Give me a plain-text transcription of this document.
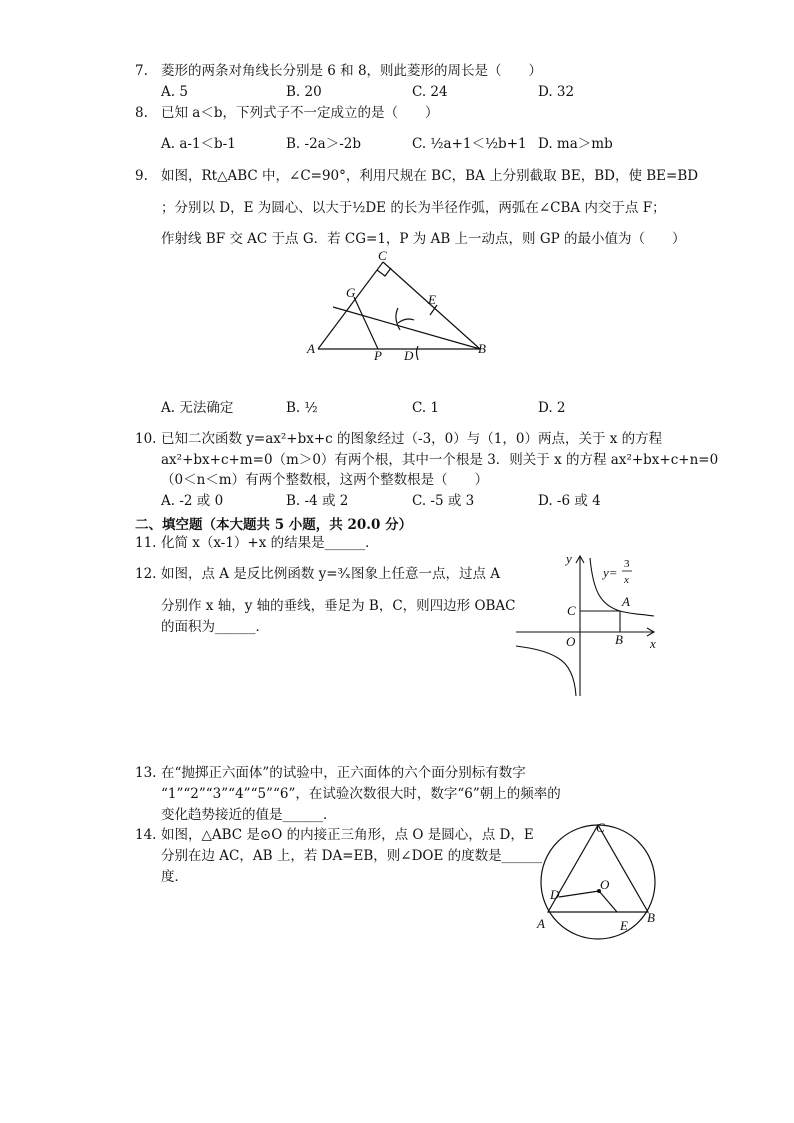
7. 菱形的两条对角线长分别是 6 和 8，则此菱形的周长是（　　）
A. 5	B. 20	C. 24	D. 32
8. 已知 a＜b，下列式子不一定成立的是（　　）
A. a-1＜b-1	B. -2a＞-2b	C. ½a+1＜½b+1 D. ma＞mb
9. 如图，Rt△ABC 中，∠C=90°，利用尺规在 BC，BA 上分别截取 BE，BD，使 BE=BD
；分别以 D，E 为圆心、以大于½DE 的长为半径作弧，两弧在∠CBA 内交于点 F；
作射线 BF 交 AC 于点 G．若 CG=1，P 为 AB 上一动点，则 GP 的最小值为（　　）
C
G	E
A	P D	B
A. 无法确定	B. ½	C. 1	D. 2
10. 已知二次函数 y=ax²+bx+c 的图象经过（-3，0）与（1，0）两点，关于 x 的方程
ax²+bx+c+m=0（m＞0）有两个根，其中一个根是 3．则关于 x 的方程 ax²+bx+c+n=0
（0＜n＜m）有两个整数根，这两个整数根是（　　）
A. -2 或 0	B. -4 或 2	C. -5 或 3	D. -6 或 4
二、填空题（本大题共 5 小题，共 20.0 分）
11. 化简 x（x-1）+x 的结果是______．
12. 如图，点 A 是反比例函数 y=³⁄ₓ图象上任意一点，过点 A
分别作 x 轴，y 轴的垂线，垂足为 B，C，则四边形 OBAC
的面积为______．
y
x
O
A
B
C
y=
3
x
13. 在“抛掷正六面体”的试验中，正六面体的六个面分别标有数字
“1”“2”“3”“4”“5”“6”，在试验次数很大时，数字“6”朝上的频率的
变化趋势接近的值是______．
14. 如图，△ABC 是⊙O 的内接正三角形，点 O 是圆心，点 D，E
分别在边 AC，AB 上，若 DA=EB，则∠DOE 的度数是______
度．
C
O
D
A	E
B
